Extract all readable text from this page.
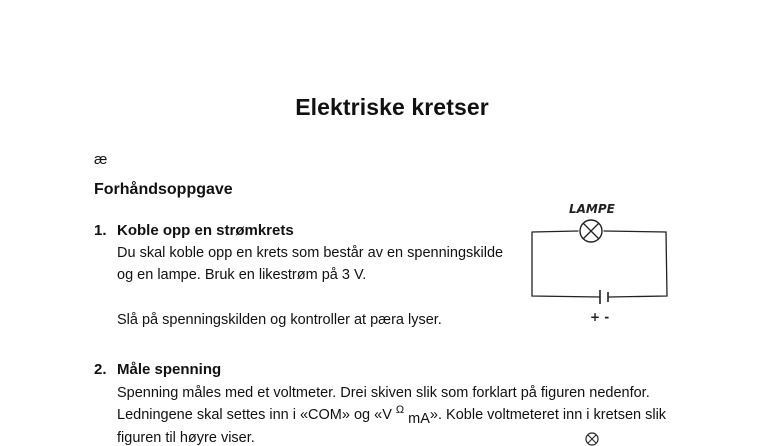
Elektriske kretser
æ
Forhåndsoppgave
1. Koble opp en strømkrets
Du skal koble opp en krets som består av en spenningskilde
og en lampe. Bruk en likestrøm på 3 V.
Slå på spenningskilden og kontroller at pæra lyser.
2. Måle spenning
Spenning måles med et voltmeter. Drei skiven slik som forklart på figuren nedenfor.
Ledningene skal settes inn i «COM» og «V $^\Omega$ mA». Koble voltmeteret inn i kretsen slik
figuren til høyre viser.
LAMPE
+ -
